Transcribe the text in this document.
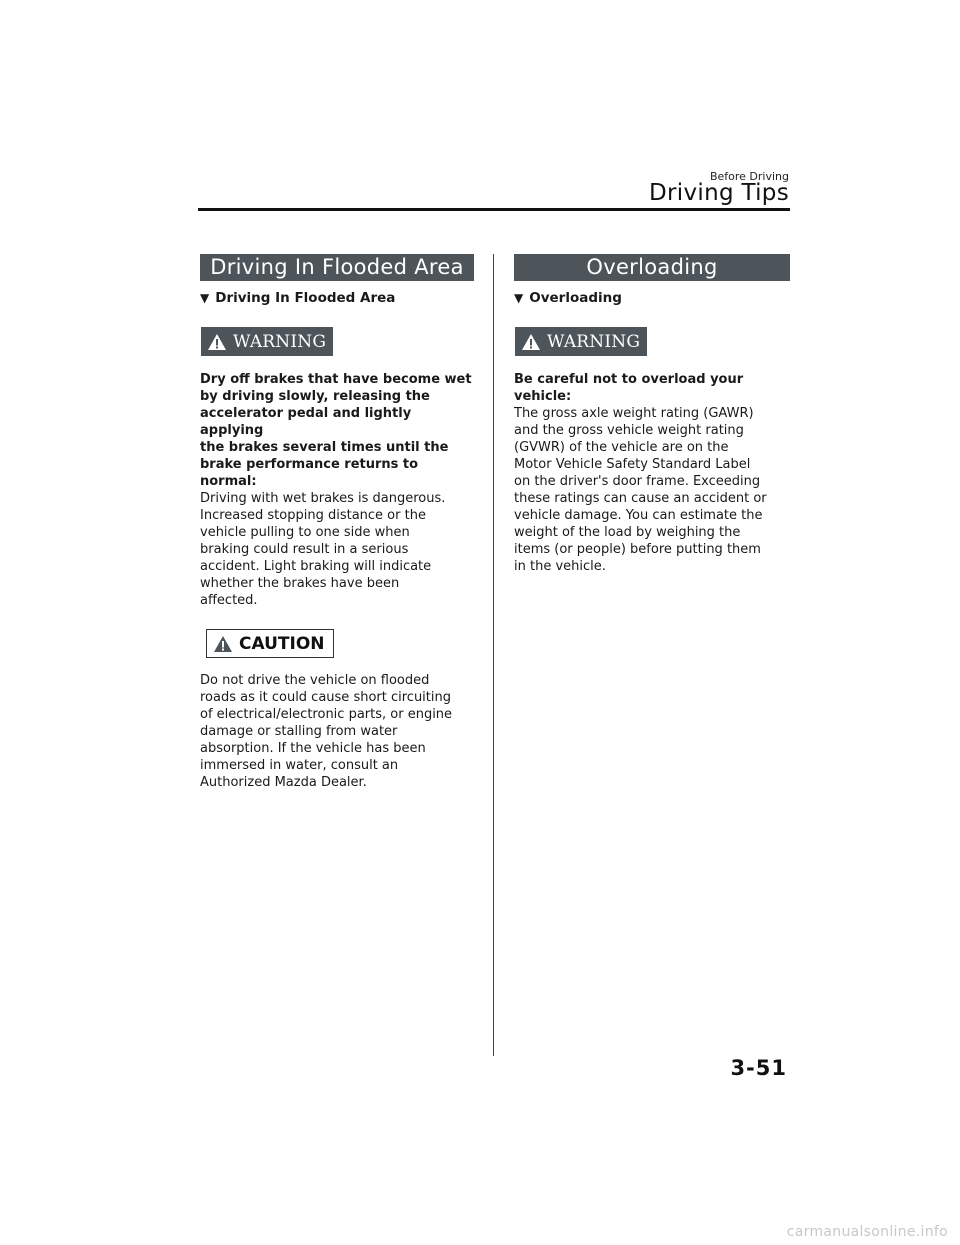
Before Driving
Driving Tips
Driving In Flooded Area
▼ Driving In Flooded Area
WARNING

Dry off brakes that have become wet
by driving slowly, releasing the
accelerator pedal and lightly applying
the brakes several times until the
brake performance returns to normal:

Driving with wet brakes is dangerous.
Increased stopping distance or the
vehicle pulling to one side when
braking could result in a serious
accident. Light braking will indicate
whether the brakes have been
affected.

CAUTION

Do not drive the vehicle on flooded
roads as it could cause short circuiting
of electrical/electronic parts, or engine
damage or stalling from water
absorption. If the vehicle has been
immersed in water, consult an
Authorized Mazda Dealer.

Overloading
▼ Overloading
WARNING

Be careful not to overload your
vehicle:

The gross axle weight rating (GAWR)
and the gross vehicle weight rating
(GVWR) of the vehicle are on the
Motor Vehicle Safety Standard Label
on the driver's door frame. Exceeding
these ratings can cause an accident or
vehicle damage. You can estimate the
weight of the load by weighing the
items (or people) before putting them
in the vehicle.

3-51
carmanualsonline.info
